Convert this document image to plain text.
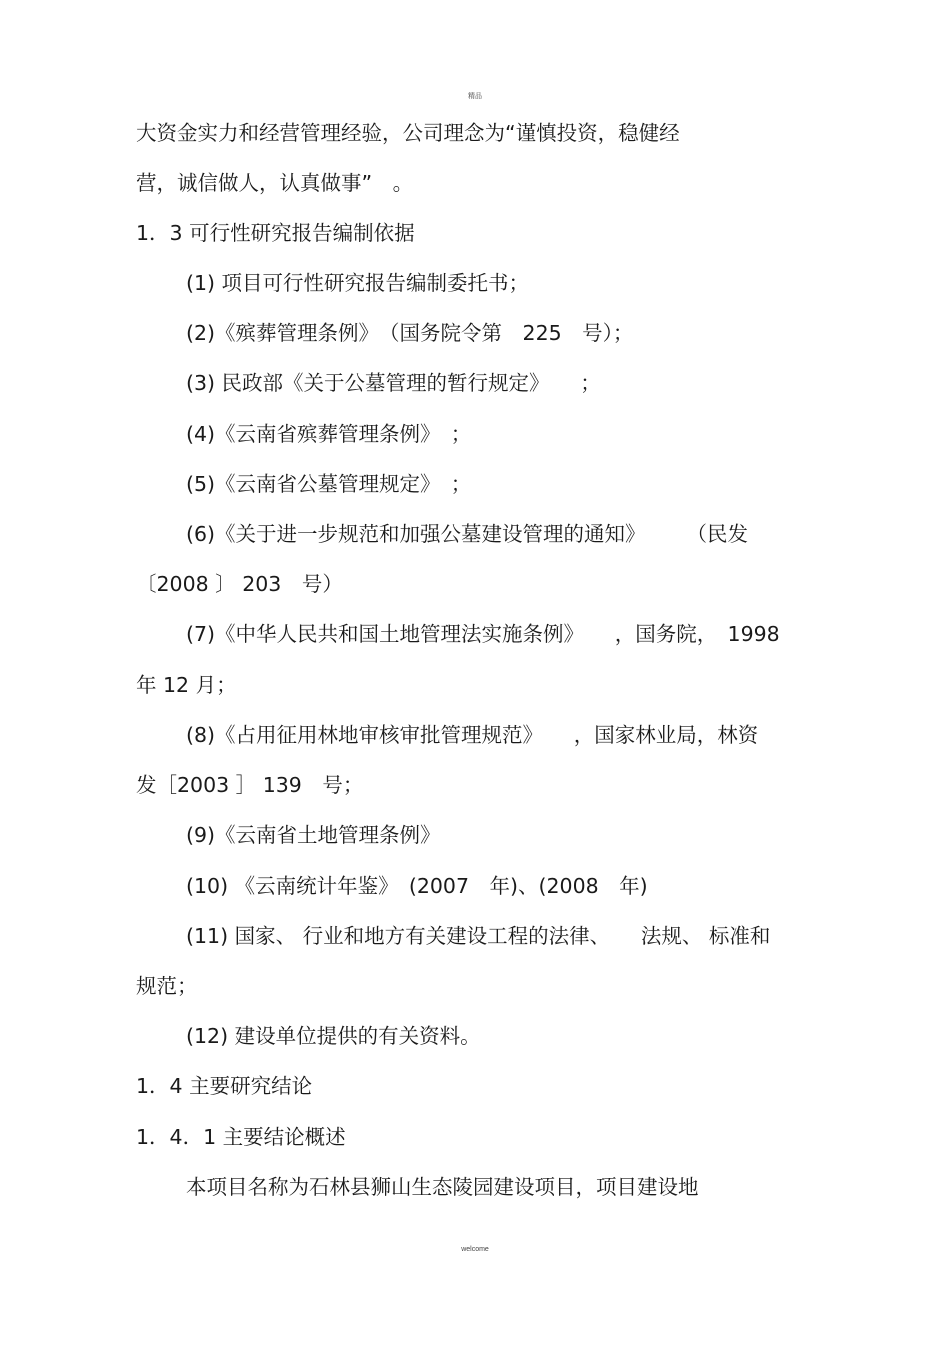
精品
大资金实力和经营管理经验，公司理念为“谨慎投资，稳健经
营，诚信做人，认真做事”　。
1．3 可行性研究报告编制依据
(1) 项目可行性研究报告编制委托书；
(2)《殡葬管理条例》　（国务院令第　225　号）；
(3) 民政部《关于公墓管理的暂行规定》　　；
(4)《云南省殡葬管理条例》　；
(5)《云南省公墓管理规定》　；
(6)《关于进一步规范和加强公墓建设管理的通知》　　　（民发
〔2008 〕 203　号）
(7)《中华人民共和国土地管理法实施条例》　　，国务院，　1998
年 12 月；
(8)《占用征用林地审核审批管理规范》　　，国家林业局，林资
发［2003 ］ 139　号；
(9)《云南省土地管理条例》
(10) 《云南统计年鉴》　(2007　年)、(2008　年)
(11) 国家、 行业和地方有关建设工程的法律、　　法规、 标准和
规范；
(12) 建设单位提供的有关资料。
1．4 主要研究结论
1．4．1 主要结论概述
本项目名称为石林县狮山生态陵园建设项目，项目建设地
welcome
